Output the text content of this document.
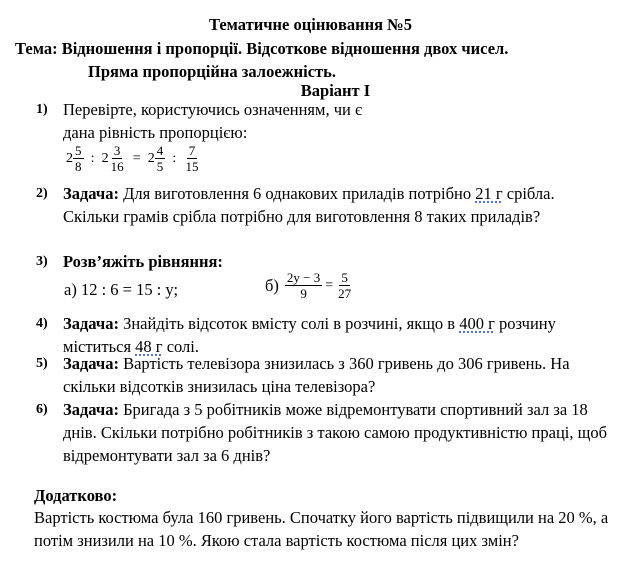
Тематичне оцінювання №5
Тема: Відношення і пропорції. Відсоткове відношення двох чисел.
Пряма пропорційна залоежність.
Варіант I
1) Перевірте, користуючись означенням, чи є дана рівність пропорцією:
$2 \frac{5}{8}$ : $2 \frac{3}{16} = 2 \frac{4}{5}$ : $\frac{7}{15}$
2) Задача: Для виготовлення 6 однакових приладів потрібно 21 г срібла. Скільки грамів срібла потрібно для виготовлення 8 таких приладів?
3) Розв’яжіть рівняння:
а) 12 : 6 = 15 : у;	$б) \frac{2y - 3}{9} = \frac{5}{27}$
4) Задача: Знайдіть відсоток вмісту солі в розчині, якщо в 400 г розчину міститься 48 г солі.
5) Задача: Вартість телевізора знизилась з 360 гривень до 306 гривень. На скільки відсотків знизилась ціна телевізора?
6) Задача: Бригада з 5 робітників може відремонтувати спортивний зал за 18 днів. Скільки потрібно робітників з такою самою продуктивністю праці, щоб відремонтувати зал за 6 днів?
Додатково:
Вартість костюма була 160 гривень. Спочатку його вартість підвищили на 20 %, а потім знизили на 10 %. Якою стала вартість костюма після цих змін?
